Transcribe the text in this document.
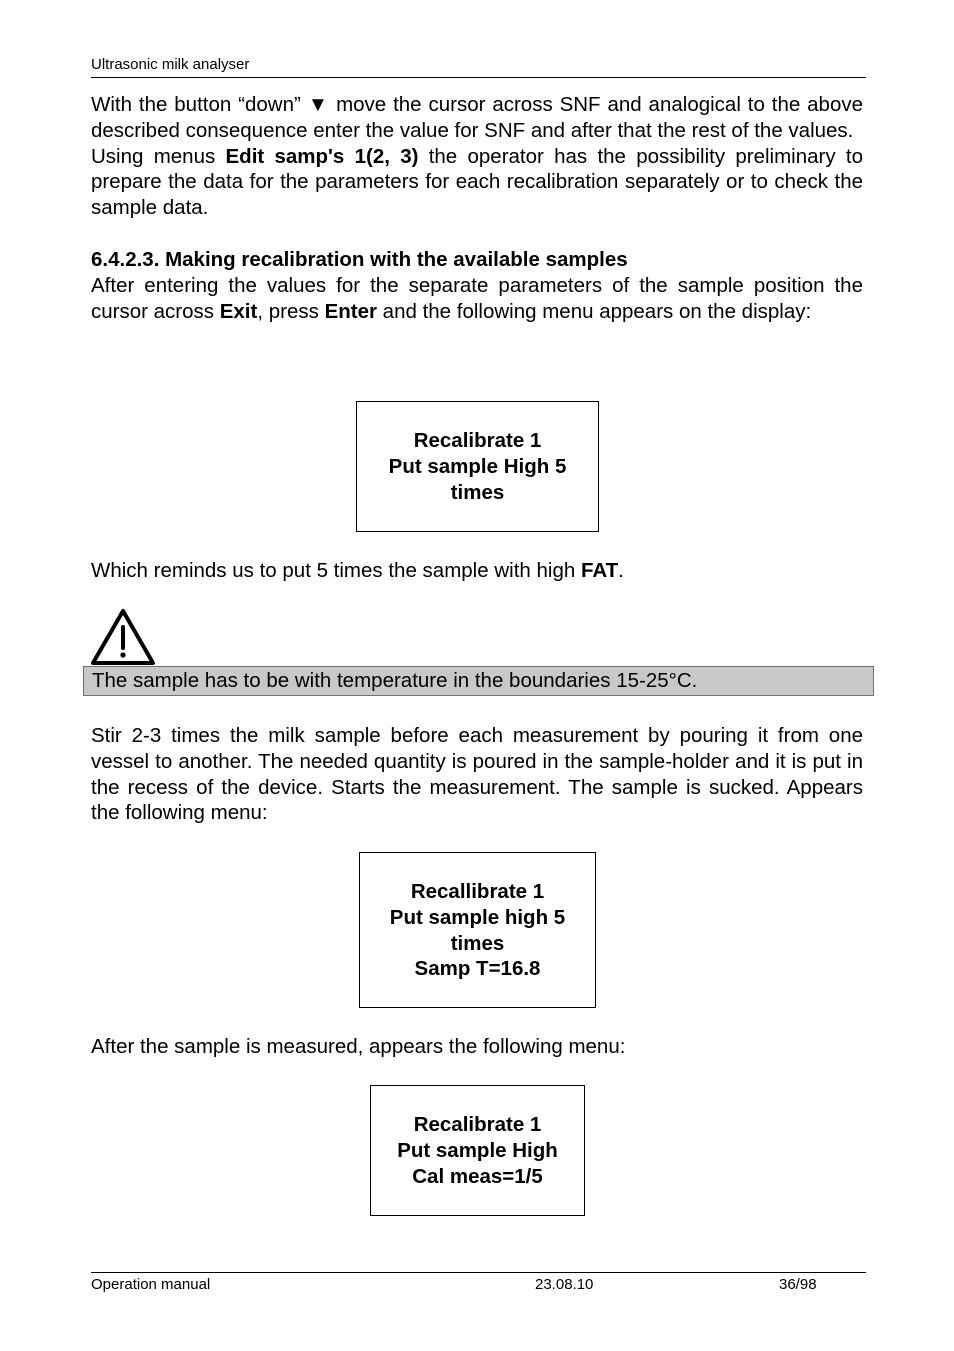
Ultrasonic milk analyser

With the button “down” ▼ move the cursor across SNF and analogical to the above described consequence enter the value for SNF and after that the rest of the values.

Using menus Edit samp's 1(2, 3) the operator has the possibility preliminary to prepare the data for the parameters for each recalibration separately or to check the sample data.

6.4.2.3. Making recalibration with the available samples

After entering the values for the separate parameters of the sample position the cursor across Exit, press Enter and the following menu appears on the display:

Recalibrate 1
Put sample High 5
times

Which reminds us to put 5 times the sample with high FAT.

The sample has to be with temperature in the boundaries 15-25°C.

Stir 2-3 times the milk sample before each measurement by pouring it from one vessel to another. The needed quantity is poured in the sample-holder and it is put in the recess of the device. Starts the measurement. The sample is sucked. Appears the following menu:

Recallibrate 1
Put sample high 5
times
Samp T=16.8

After the sample is measured, appears the following menu:

Recalibrate 1
Put sample High
Cal meas=1/5
Operation manual	23.08.10	36/98
